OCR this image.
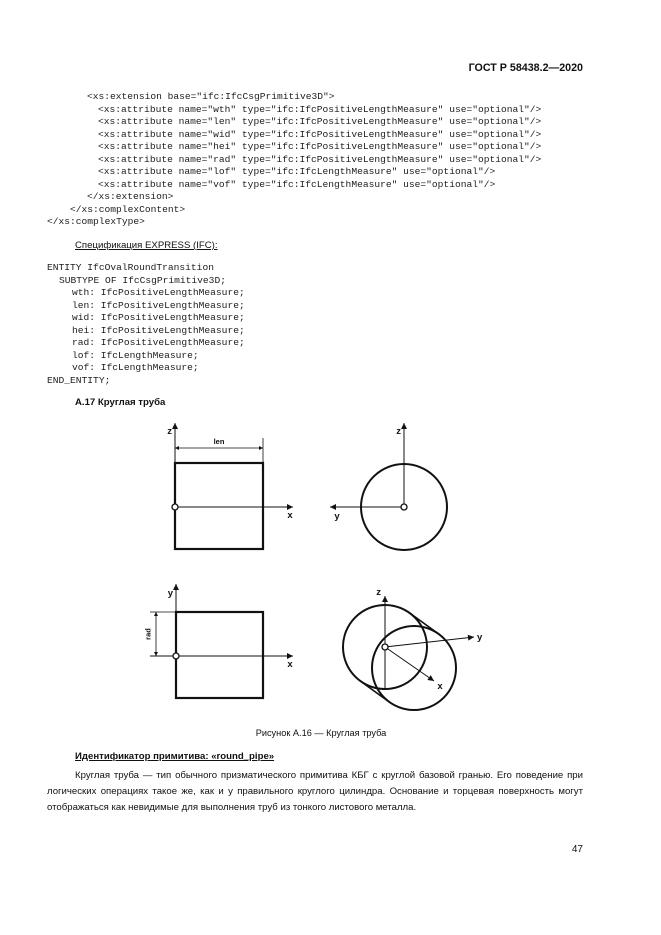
ГОСТ Р 58438.2—2020
<xs:extension base="ifc:IfcCsgPrimitive3D">
<xs:attribute name="wth" type="ifc:IfcPositiveLengthMeasure" use="optional"/>
<xs:attribute name="len" type="ifc:IfcPositiveLengthMeasure" use="optional"/>
<xs:attribute name="wid" type="ifc:IfcPositiveLengthMeasure" use="optional"/>
<xs:attribute name="hei" type="ifc:IfcPositiveLengthMeasure" use="optional"/>
<xs:attribute name="rad" type="ifc:IfcPositiveLengthMeasure" use="optional"/>
<xs:attribute name="lof" type="ifc:IfcLengthMeasure" use="optional"/>
<xs:attribute name="vof" type="ifc:IfcLengthMeasure" use="optional"/>
</xs:extension>
</xs:complexContent>
</xs:complexType>
Спецификация EXPRESS (IFC):
ENTITY IfcOvalRoundTransition
SUBTYPE OF IfcCsgPrimitive3D;
wth: IfcPositiveLengthMeasure;
len: IfcPositiveLengthMeasure;
wid: IfcPositiveLengthMeasure;
hei: IfcPositiveLengthMeasure;
rad: IfcPositiveLengthMeasure;
lof: IfcLengthMeasure;
vof: IfcLengthMeasure;
END_ENTITY;
А.17 Круглая труба
z
x
len
z
y
y
x
rad
z
y
x
Рисунок А.16 — Круглая труба
Идентификатор примитива: «round_pipe»
Круглая труба — тип обычного призматического примитива КБГ с круглой базовой гранью. Его поведение при
логических операциях такое же, как и у правильного круглого цилиндра. Основание и торцевая поверхность могут
отображаться как невидимые для выполнения труб из тонкого листового металла.
47
